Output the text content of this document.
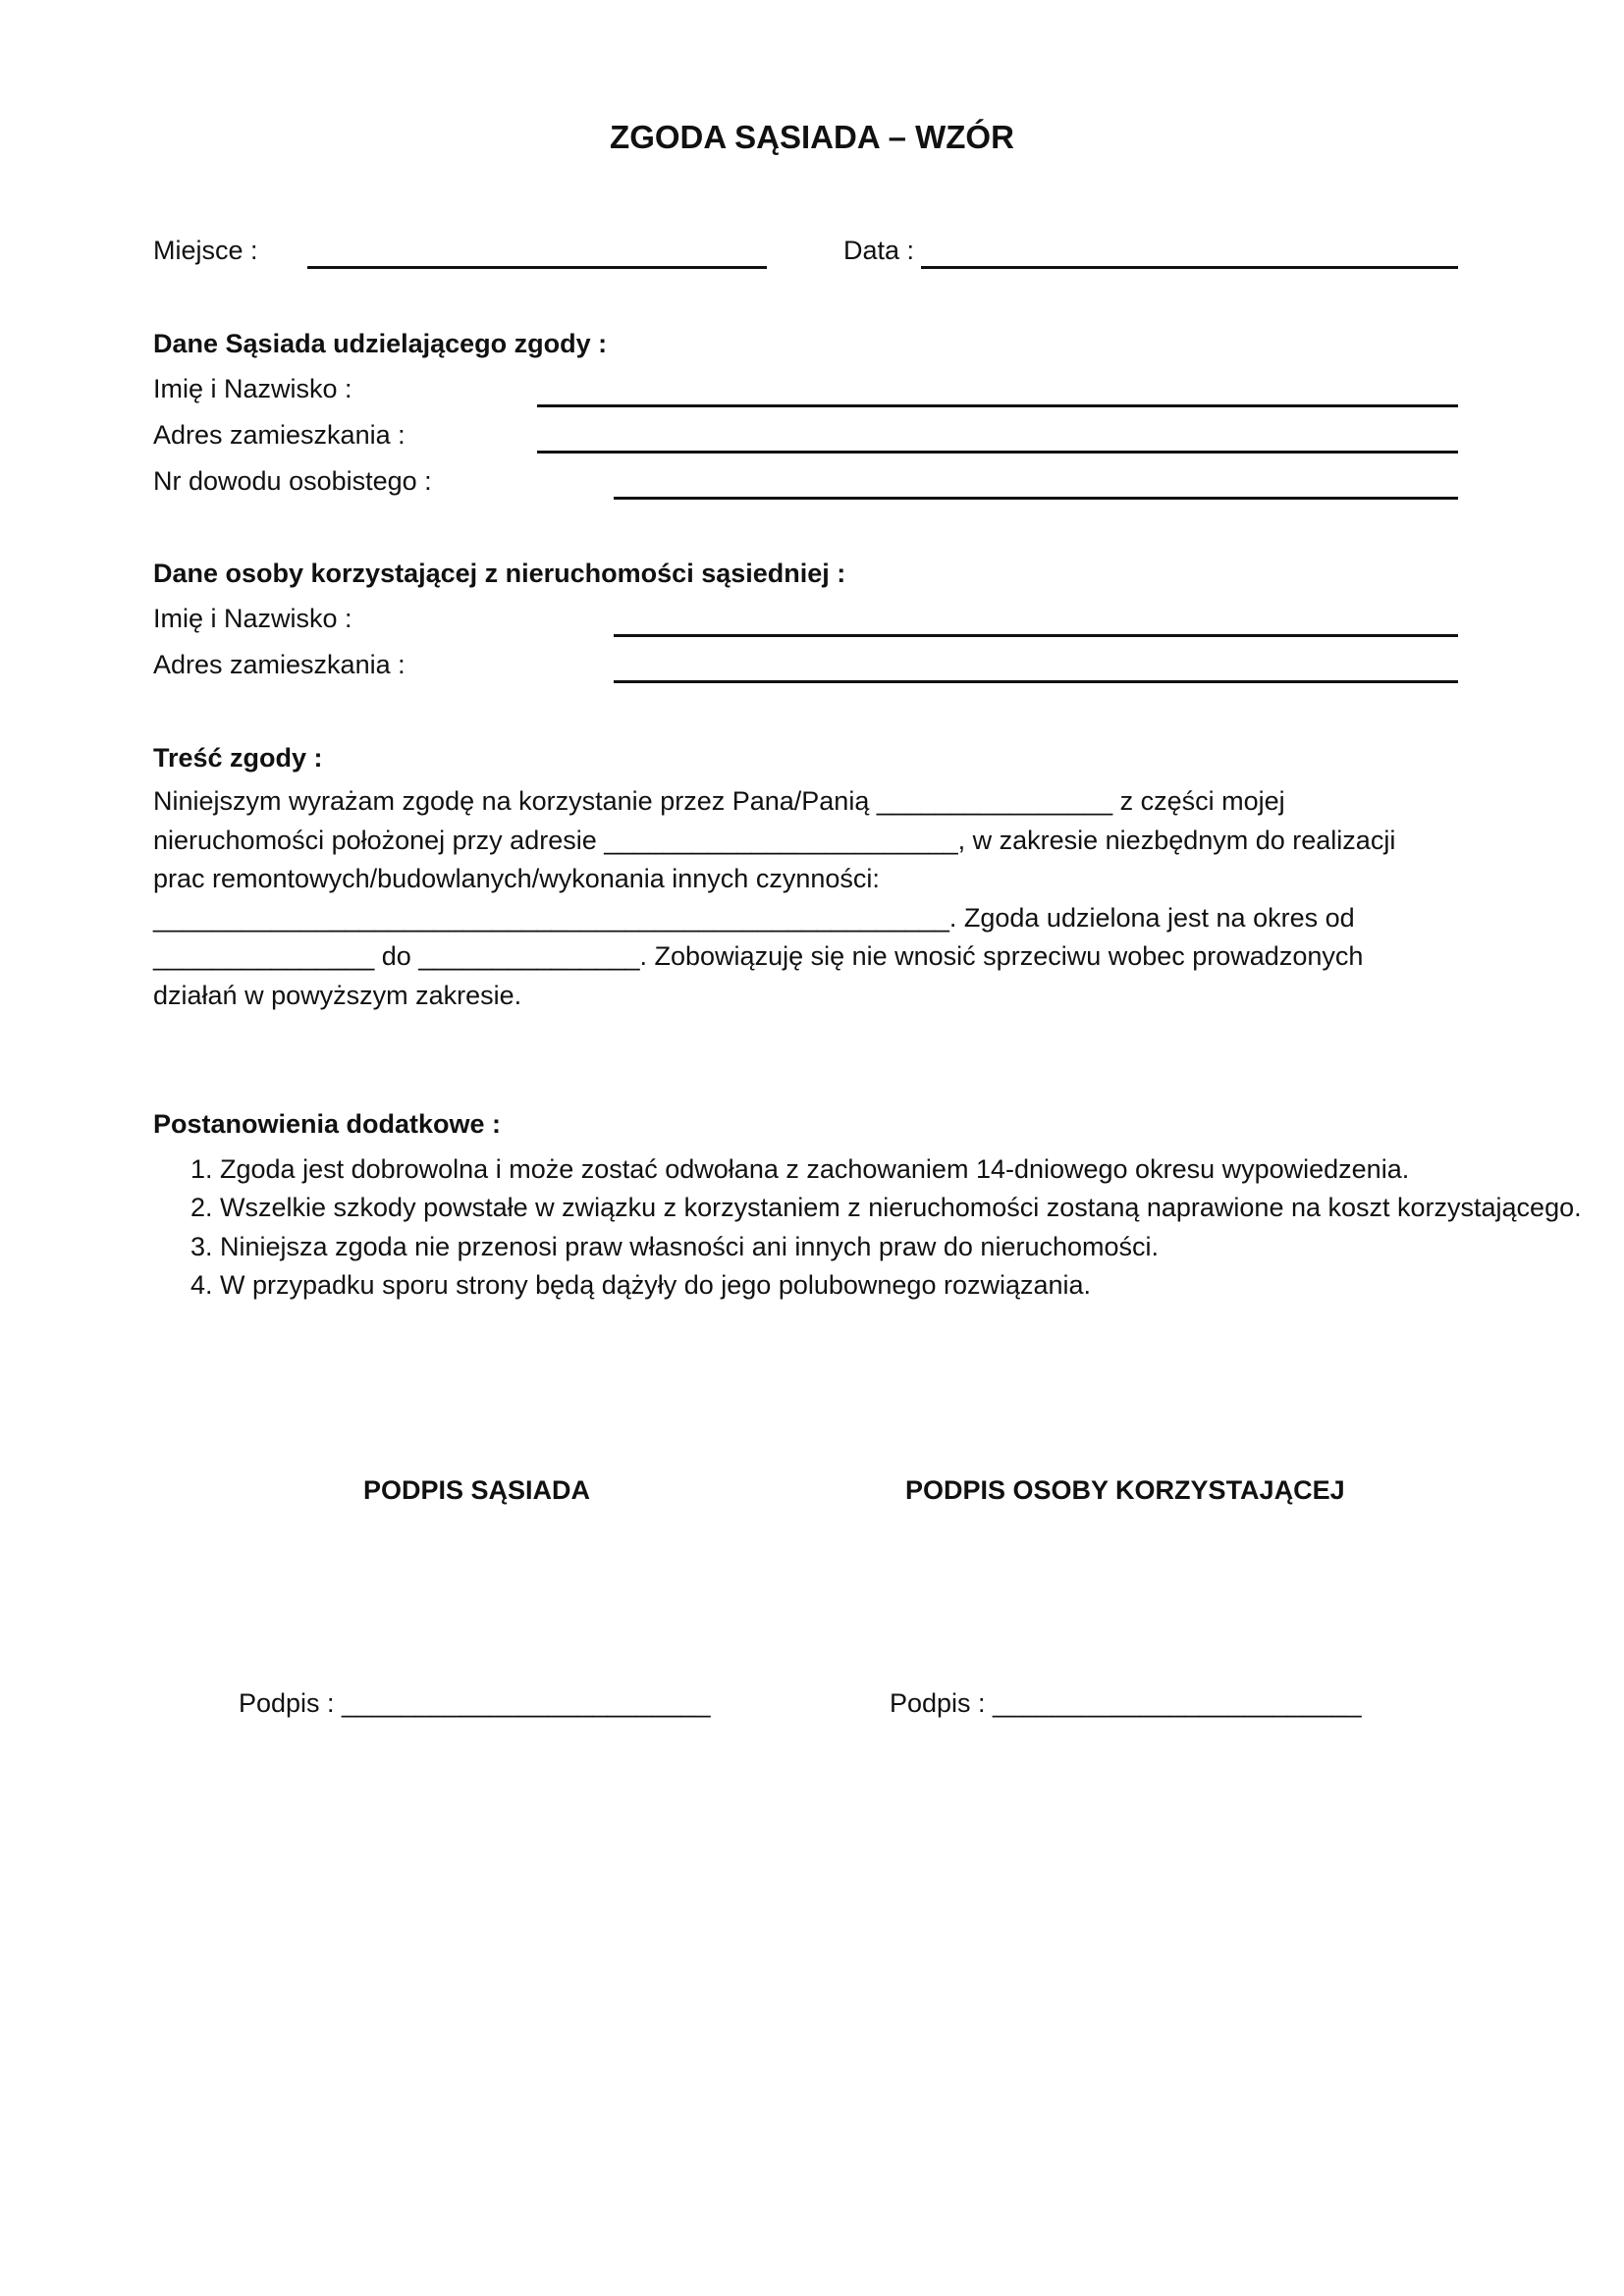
ZGODA SĄSIADA – WZÓR
Miejsce :	Data :
Dane Sąsiada udzielającego zgody :
Imię i Nazwisko :
Adres zamieszkania :
Nr dowodu osobistego :
Dane osoby korzystającej z nieruchomości sąsiedniej :
Imię i Nazwisko :
Adres zamieszkania :
Treść zgody :
Niniejszym wyrażam zgodę na korzystanie przez Pana/Panią ________________ z części mojej
nieruchomości położonej przy adresie ________________________, w zakresie niezbędnym do realizacji
prac remontowych/budowlanych/wykonania innych czynności:
______________________________________________________. Zgoda udzielona jest na okres od
_______________ do _______________. Zobowiązuję się nie wnosić sprzeciwu wobec prowadzonych
działań w powyższym zakresie.
Postanowienia dodatkowe :
1. Zgoda jest dobrowolna i może zostać odwołana z zachowaniem 14-dniowego okresu wypowiedzenia.
2. Wszelkie szkody powstałe w związku z korzystaniem z nieruchomości zostaną naprawione na koszt korzystającego.
3. Niniejsza zgoda nie przenosi praw własności ani innych praw do nieruchomości.
4. W przypadku sporu strony będą dążyły do jego polubownego rozwiązania.
PODPIS SĄSIADA	PODPIS OSOBY KORZYSTAJĄCEJ
Podpis : _________________________	Podpis : _________________________
